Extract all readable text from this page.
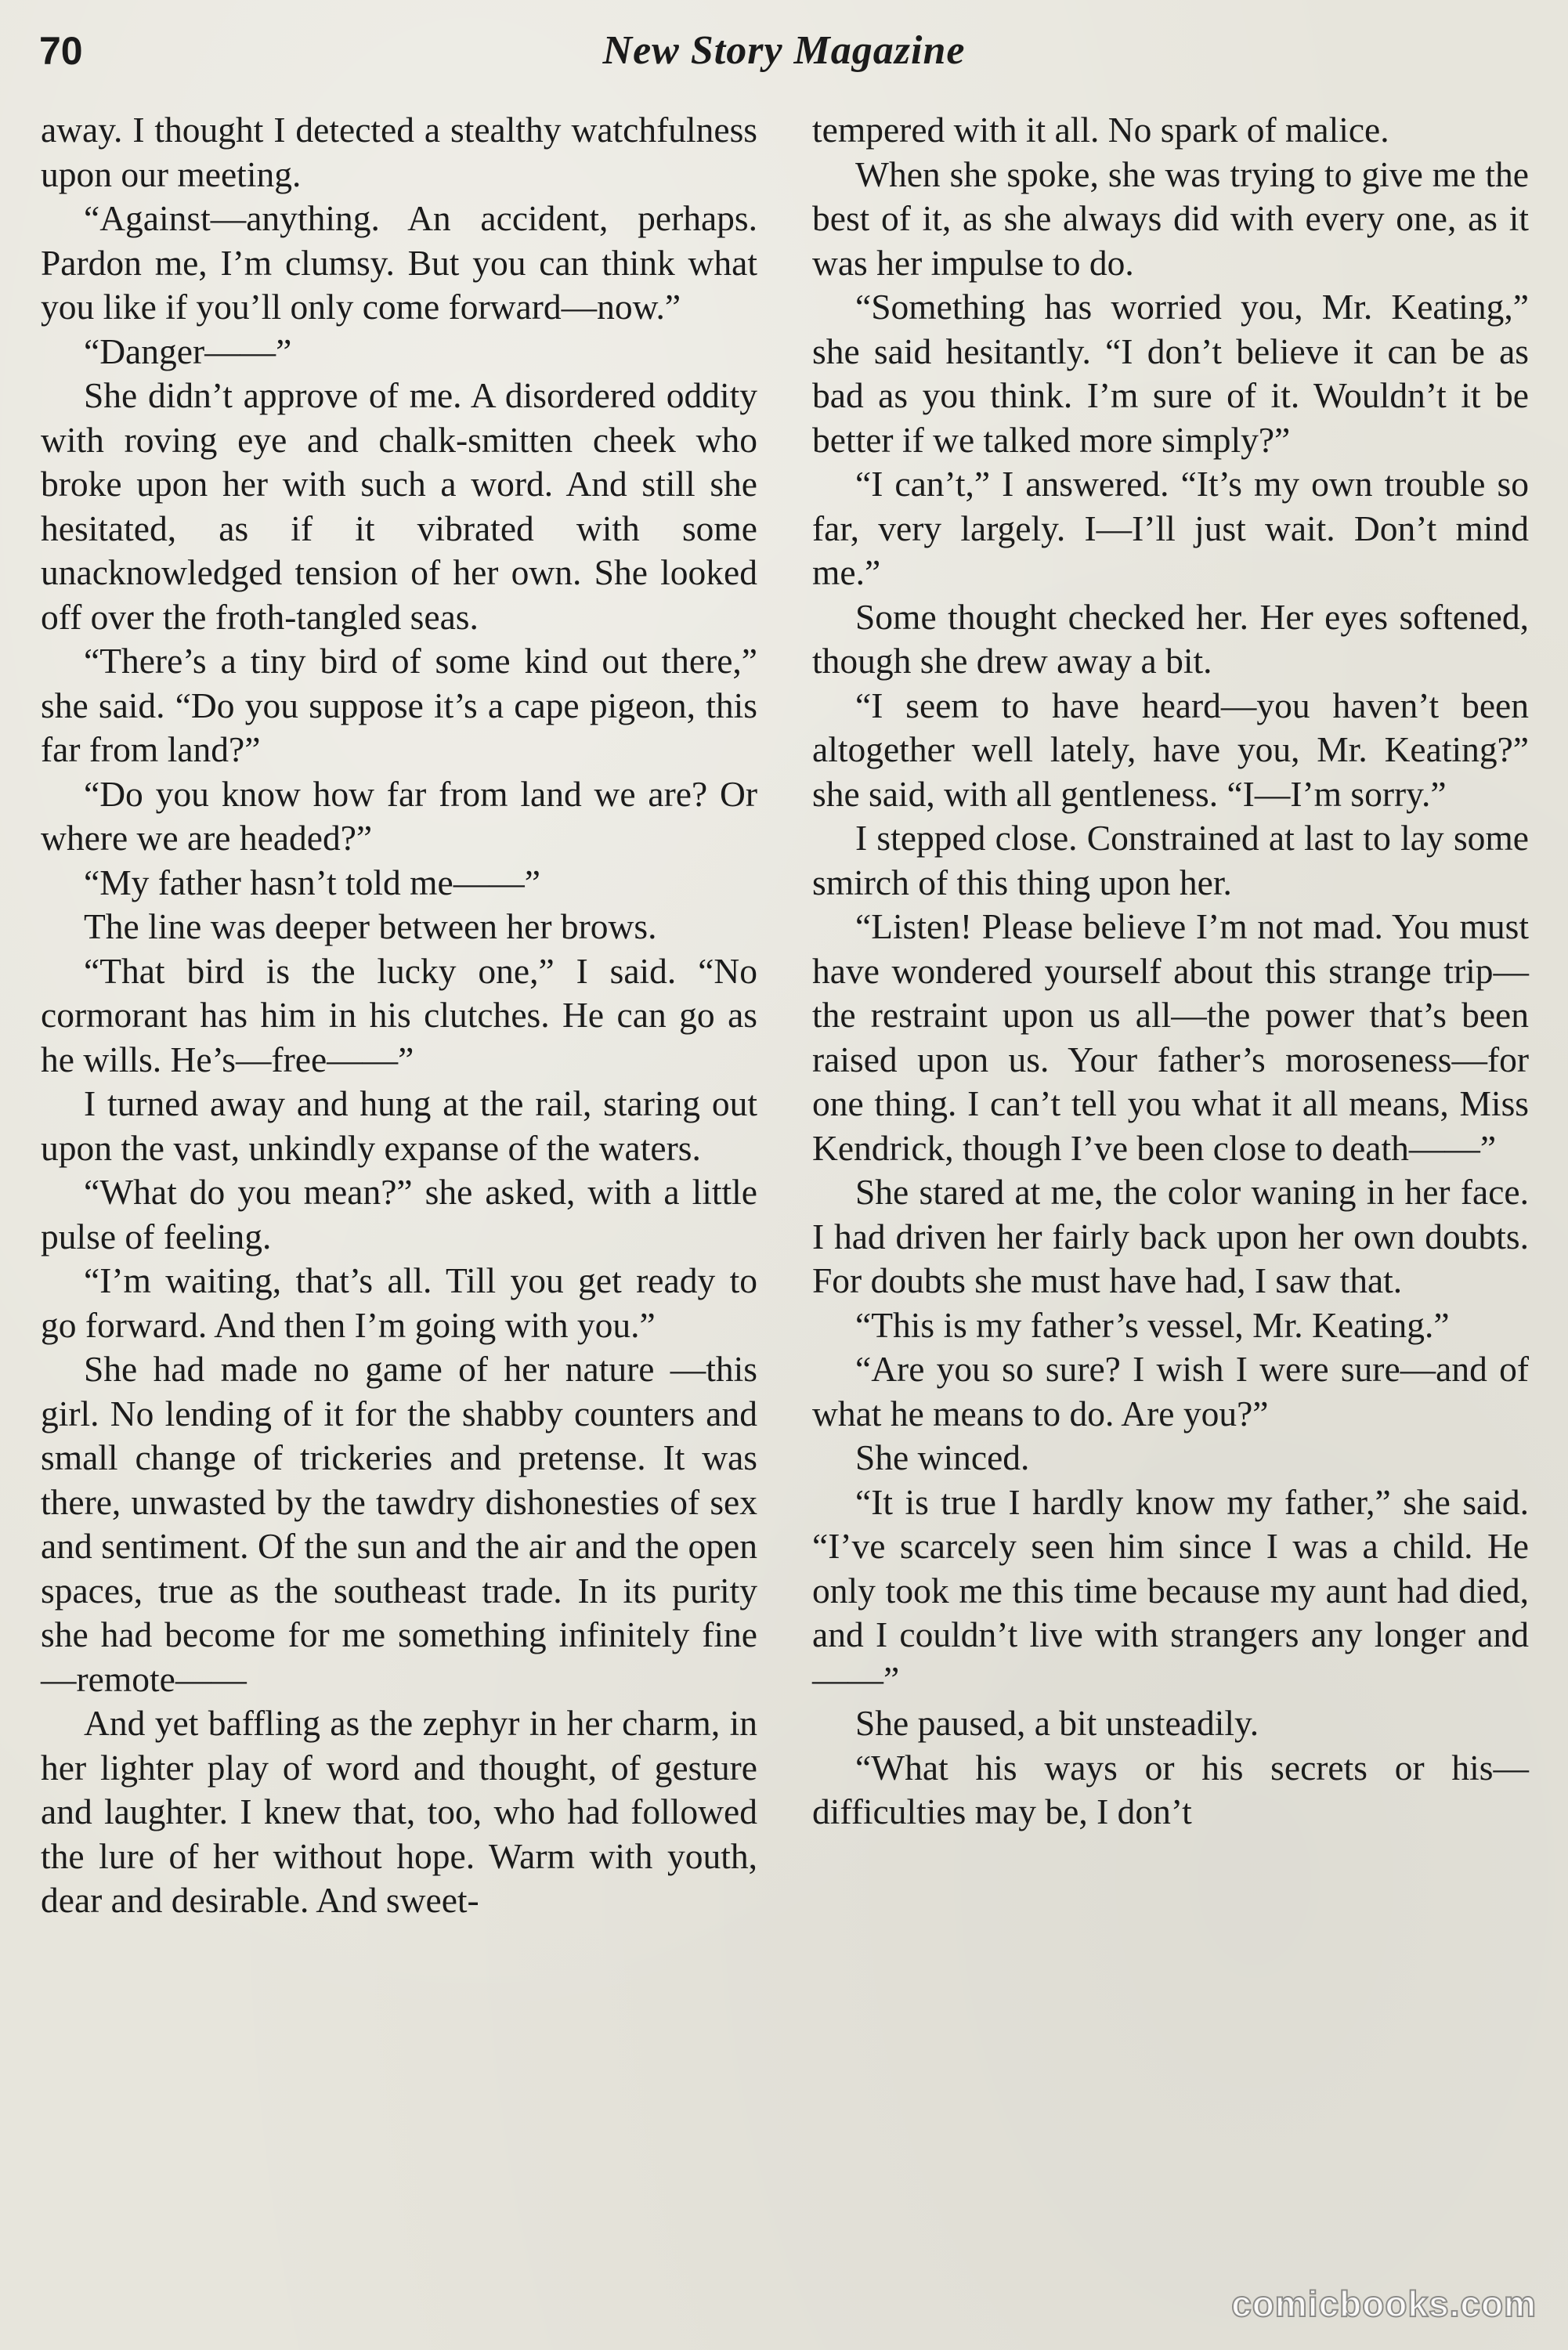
70	New Story Magazine

away. I thought I detected a stealthy watchfulness upon our meeting.

“Against—anything. An accident, perhaps. Pardon me, I’m clumsy. But you can think what you like if you’ll only come forward—now.”

“Danger——”

She didn’t approve of me. A disordered oddity with roving eye and chalk-smitten cheek who broke upon her with such a word. And still she hesitated, as if it vibrated with some unacknowledged tension of her own. She looked off over the froth-tangled seas.

“There’s a tiny bird of some kind out there,” she said. “Do you suppose it’s a cape pigeon, this far from land?”

“Do you know how far from land we are? Or where we are headed?”

“My father hasn’t told me——”

The line was deeper between her brows.

“That bird is the lucky one,” I said. “No cormorant has him in his clutches. He can go as he wills. He’s—free——”

I turned away and hung at the rail, staring out upon the vast, unkindly expanse of the waters.

“What do you mean?” she asked, with a little pulse of feeling.

“I’m waiting, that’s all. Till you get ready to go forward. And then I’m going with you.”

She had made no game of her nature —this girl. No lending of it for the shabby counters and small change of trickeries and pretense. It was there, unwasted by the tawdry dishonesties of sex and sentiment. Of the sun and the air and the open spaces, true as the southeast trade. In its purity she had become for me something infinitely fine —remote——

And yet baffling as the zephyr in her charm, in her lighter play of word and thought, of gesture and laughter. I knew that, too, who had followed the lure of her without hope. Warm with youth, dear and desirable. And sweet-

tempered with it all. No spark of malice.

When she spoke, she was trying to give me the best of it, as she always did with every one, as it was her impulse to do.

“Something has worried you, Mr. Keating,” she said hesitantly. “I don’t believe it can be as bad as you think. I’m sure of it. Wouldn’t it be better if we talked more simply?”

“I can’t,” I answered. “It’s my own trouble so far, very largely. I—I’ll just wait. Don’t mind me.”

Some thought checked her. Her eyes softened, though she drew away a bit.

“I seem to have heard—you haven’t been altogether well lately, have you, Mr. Keating?” she said, with all gentleness. “I—I’m sorry.”

I stepped close. Constrained at last to lay some smirch of this thing upon her.

“Listen! Please believe I’m not mad. You must have wondered yourself about this strange trip—the restraint upon us all—the power that’s been raised upon us. Your father’s moroseness—for one thing. I can’t tell you what it all means, Miss Kendrick, though I’ve been close to death——”

She stared at me, the color waning in her face. I had driven her fairly back upon her own doubts. For doubts she must have had, I saw that.

“This is my father’s vessel, Mr. Keating.”

“Are you so sure? I wish I were sure—and of what he means to do. Are you?”

She winced.

“It is true I hardly know my father,” she said. “I’ve scarcely seen him since I was a child. He only took me this time because my aunt had died, and I couldn’t live with strangers any longer and——”

She paused, a bit unsteadily.

“What his ways or his secrets or his—difficulties may be, I don’t

comicbooks.com
